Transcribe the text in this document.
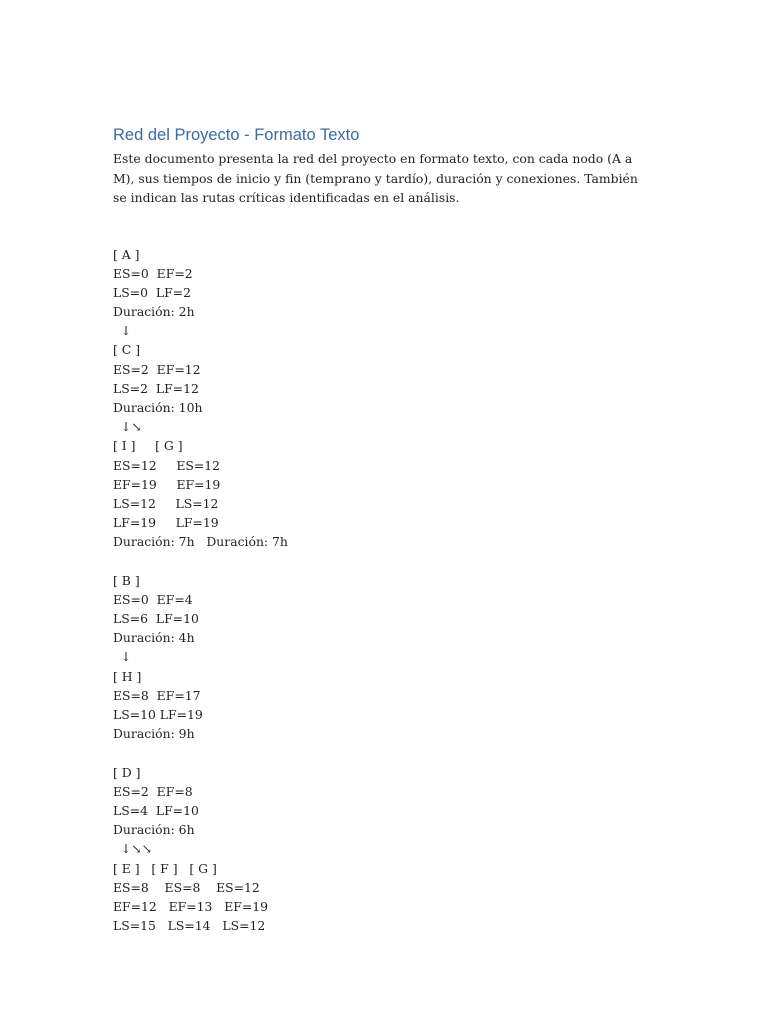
Red del Proyecto - Formato Texto

Este documento presenta la red del proyecto en formato texto, con cada nodo (A a M), sus tiempos de inicio y fin (temprano y tardío), duración y conexiones. También se indican las rutas críticas identificadas en el análisis.

[ A ]
ES=0  EF=2
LS=0  LF=2
Duración: 2h
↓
[ C ]
ES=2  EF=12
LS=2  LF=12
Duración: 10h
↓↘
[ I ]     [ G ]
ES=12     ES=12
EF=19     EF=19
LS=12     LS=12
LF=19     LF=19
Duración: 7h   Duración: 7h
[ B ]
ES=0  EF=4
LS=6  LF=10
Duración: 4h
↓
[ H ]
ES=8  EF=17
LS=10 LF=19
Duración: 9h
[ D ]
ES=2  EF=8
LS=4  LF=10
Duración: 6h
↓↘↘
[ E ]   [ F ]   [ G ]
ES=8    ES=8    ES=12
EF=12   EF=13   EF=19
LS=15   LS=14   LS=12
